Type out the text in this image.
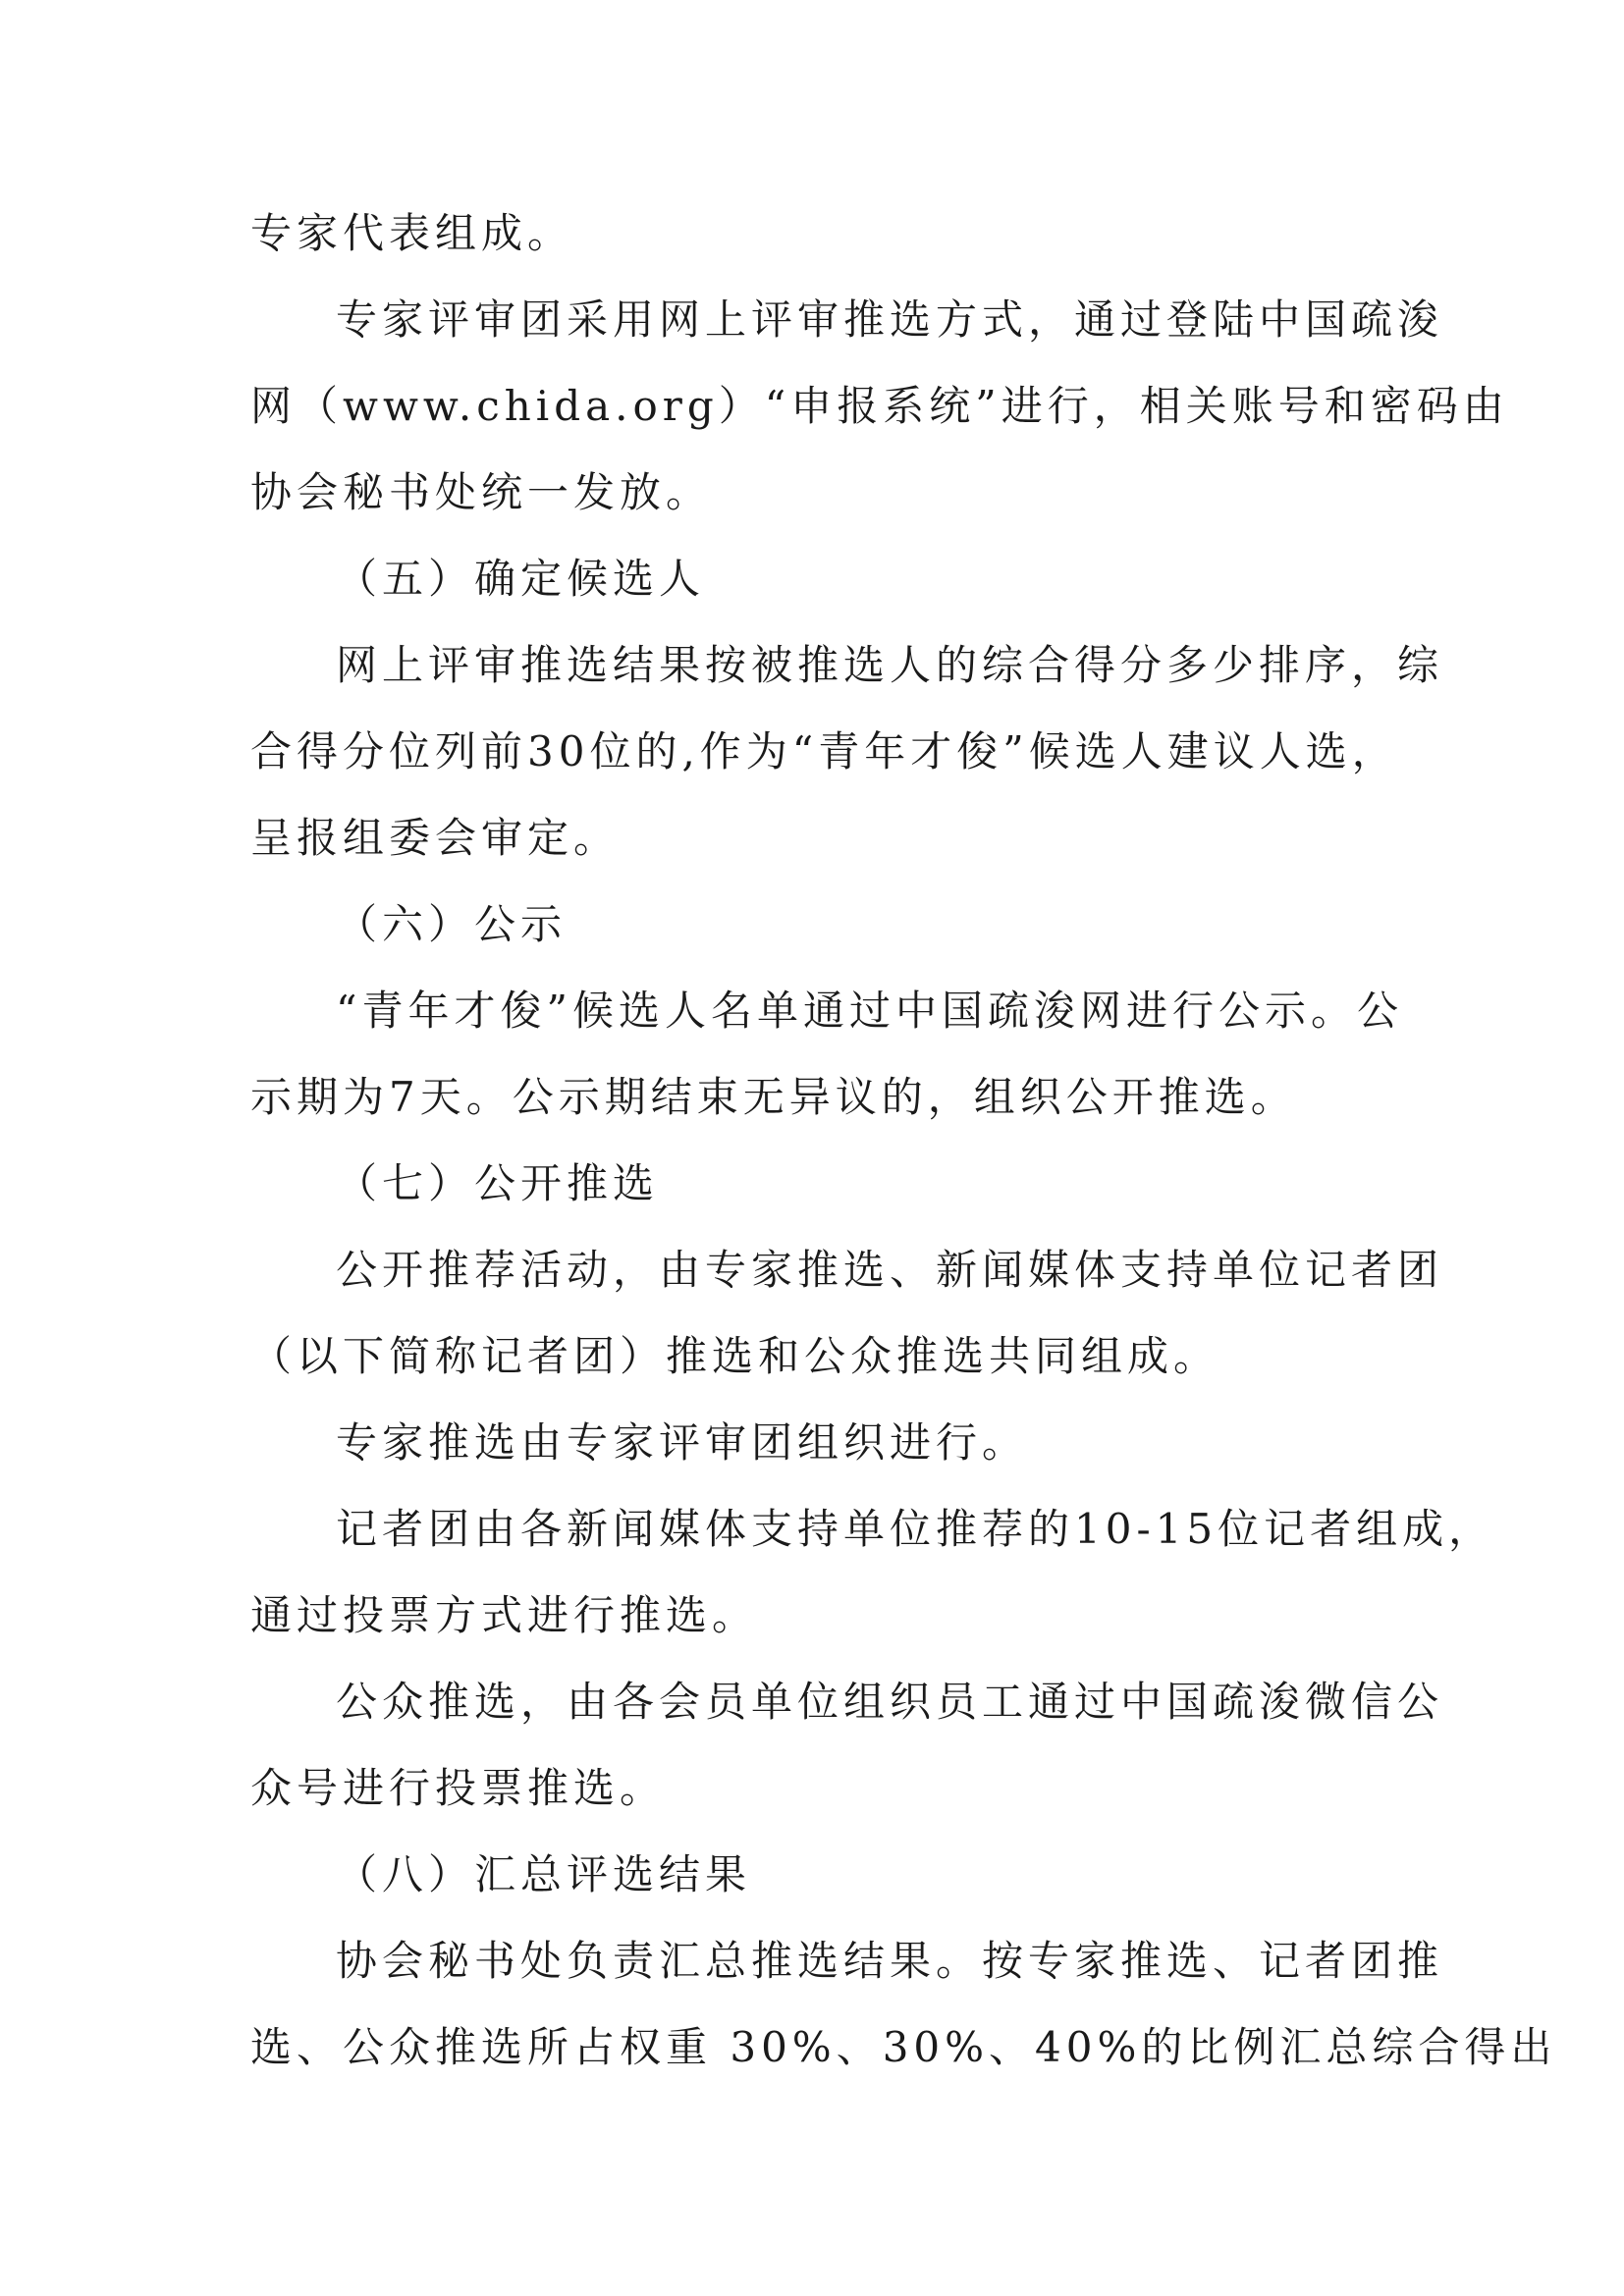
专家代表组成。
专家评审团采用网上评审推选方式，通过登陆中国疏浚
网（www.chida.org）“申报系统”进行，相关账号和密码由
协会秘书处统一发放。
（五）确定候选人
网上评审推选结果按被推选人的综合得分多少排序，综
合得分位列前30位的,作为“青年才俊”候选人建议人选，
呈报组委会审定。
（六）公示
“青年才俊”候选人名单通过中国疏浚网进行公示。公
示期为7天。公示期结束无异议的，组织公开推选。
（七）公开推选
公开推荐活动，由专家推选、新闻媒体支持单位记者团
（以下简称记者团）推选和公众推选共同组成。
专家推选由专家评审团组织进行。
记者团由各新闻媒体支持单位推荐的10-15位记者组成，
通过投票方式进行推选。
公众推选，由各会员单位组织员工通过中国疏浚微信公
众号进行投票推选。
（八）汇总评选结果
协会秘书处负责汇总推选结果。按专家推选、记者团推
选、公众推选所占权重 30%、30%、40%的比例汇总综合得出
